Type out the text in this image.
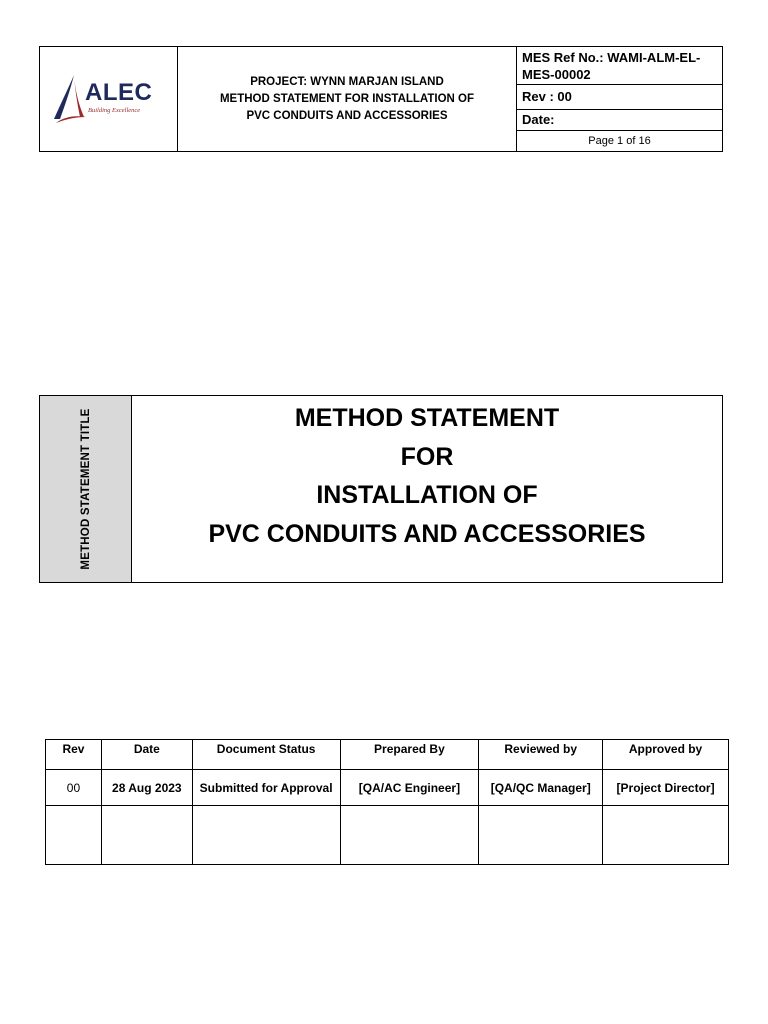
ALEC
Building Excellence
PROJECT: WYNN MARJAN ISLAND
METHOD STATEMENT FOR INSTALLATION OF
PVC CONDUITS AND ACCESSORIES
MES Ref No.: WAMI-ALM-EL-
MES-00002
Rev : 00
Date:
Page 1 of 16
METHOD STATEMENT TITLE	METHOD STATEMENT
FOR
INSTALLATION OF
PVC CONDUITS AND ACCESSORIES
Rev	Date	Document Status	Prepared By	Reviewed by	Approved by
00	28 Aug 2023	Submitted for Approval	[QA/AC Engineer]	[QA/QC Manager]	[Project Director]
